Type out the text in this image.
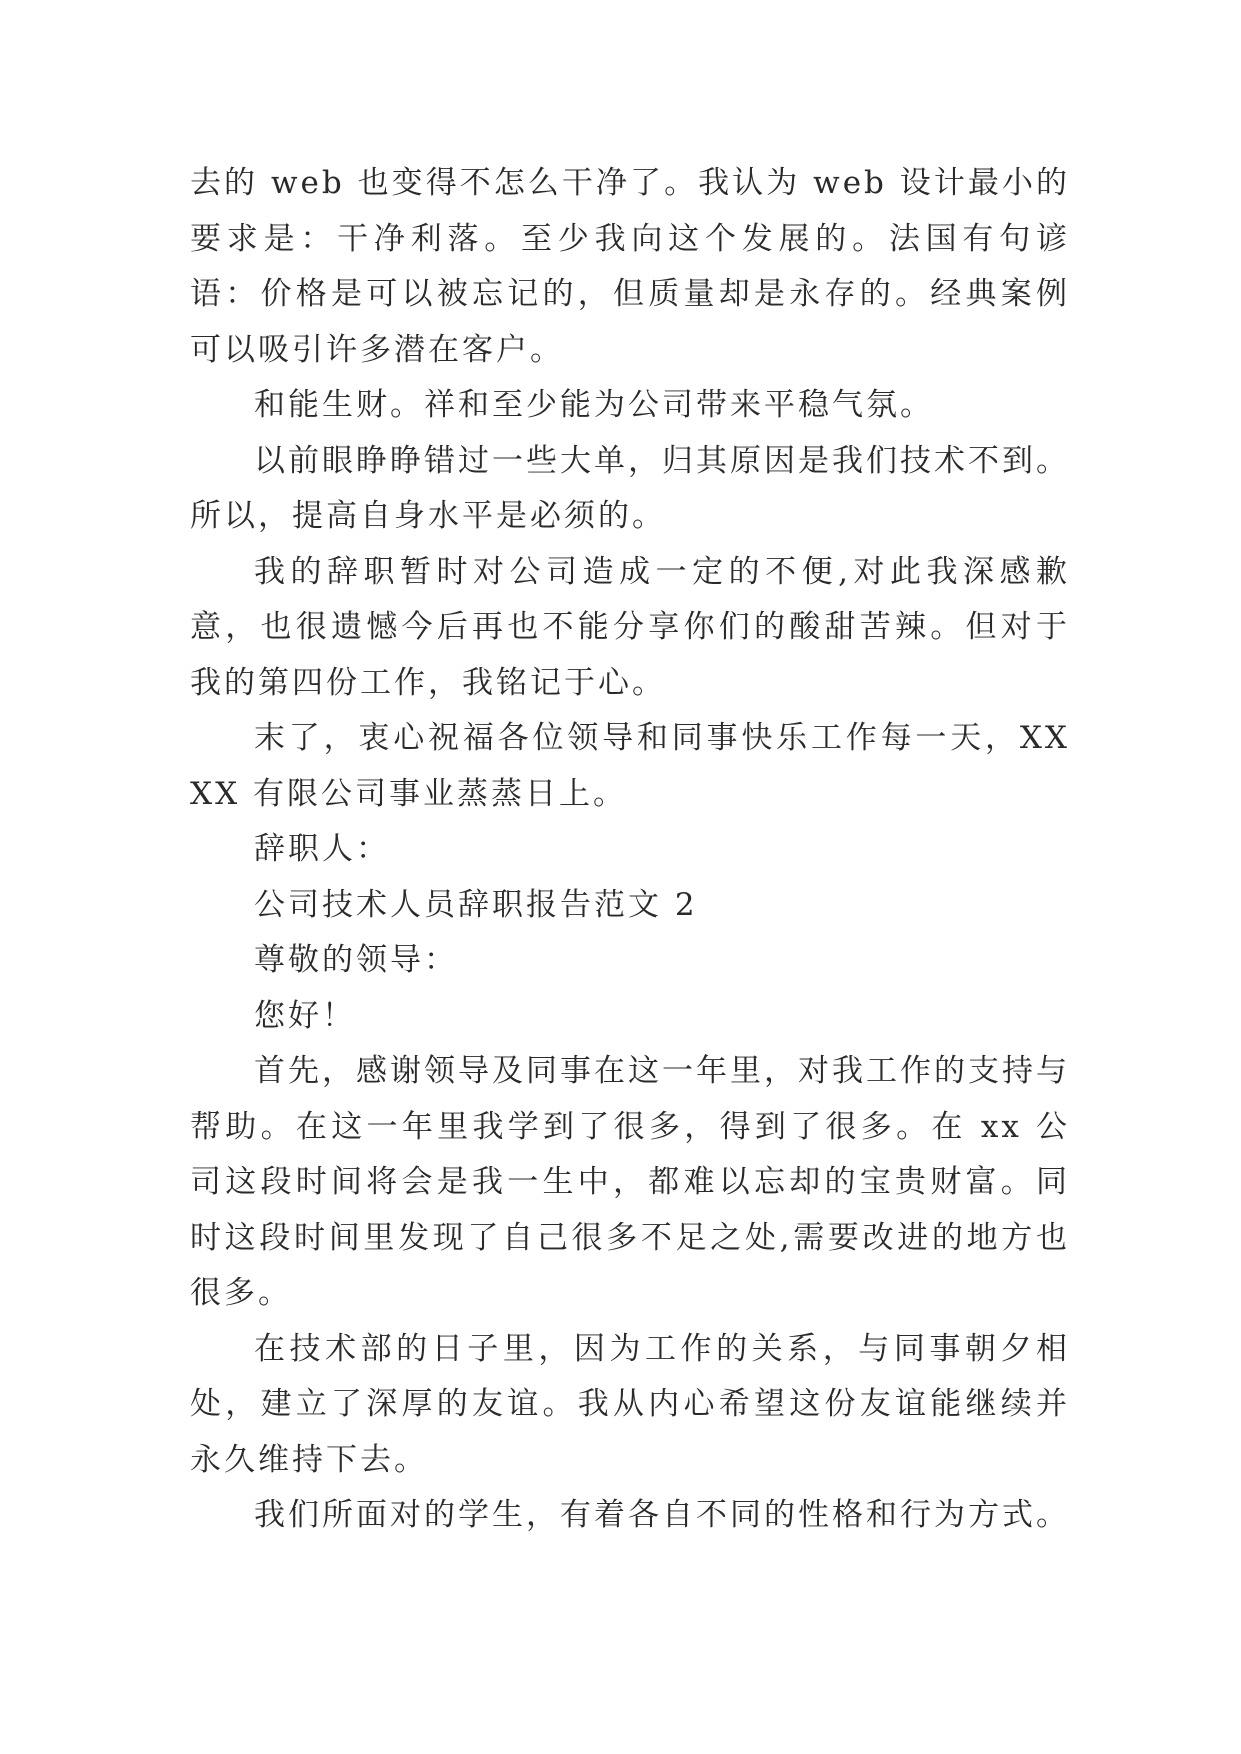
去的 web 也变得不怎么干净了。我认为 web 设计最小的要求是：干净利落。至少我向这个发展的。法国有句谚语：价格是可以被忘记的，但质量却是永存的。经典案例可以吸引许多潜在客户。

和能生财。祥和至少能为公司带来平稳气氛。

以前眼睁睁错过一些大单，归其原因是我们技术不到。所以，提高自身水平是必须的。

我的辞职暂时对公司造成一定的不便,对此我深感歉意，也很遗憾今后再也不能分享你们的酸甜苦辣。但对于我的第四份工作，我铭记于心。

末了，衷心祝福各位领导和同事快乐工作每一天，XXXX 有限公司事业蒸蒸日上。

辞职人：

公司技术人员辞职报告范文 2

尊敬的领导：

您好！

首先，感谢领导及同事在这一年里，对我工作的支持与帮助。在这一年里我学到了很多，得到了很多。在 xx 公司这段时间将会是我一生中，都难以忘却的宝贵财富。同时这段时间里发现了自己很多不足之处,需要改进的地方也很多。

在技术部的日子里，因为工作的关系，与同事朝夕相处，建立了深厚的友谊。我从内心希望这份友谊能继续并永久维持下去。

我们所面对的学生，有着各自不同的性格和行为方式。
